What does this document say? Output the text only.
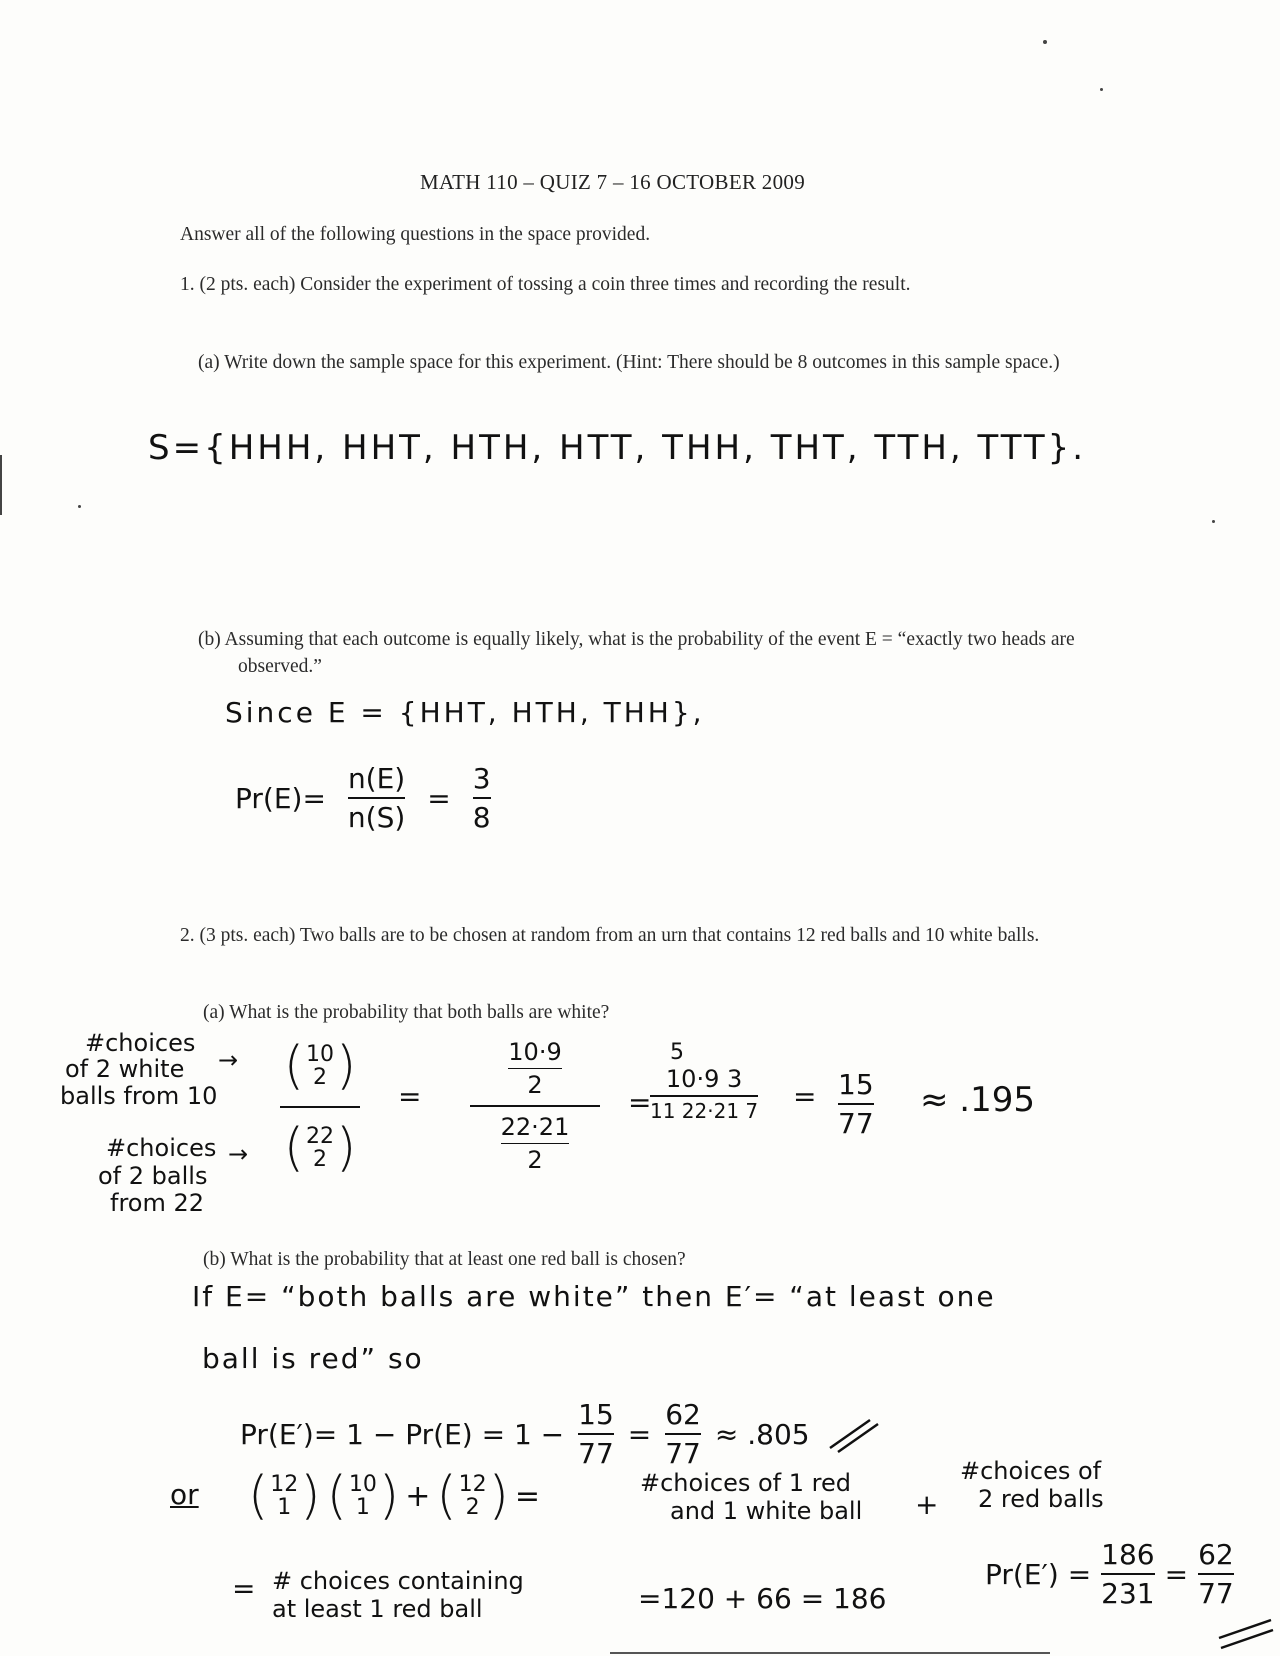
MATH 110 – QUIZ 7 – 16 OCTOBER 2009
Answer all of the following questions in the space provided.
1. (2 pts. each) Consider the experiment of tossing a coin three times and recording the result.
(a) Write down the sample space for this experiment. (Hint: There should be 8 outcomes in this sample space.)
S={HHH, HHT, HTH, HTT, THH, THT, TTH, TTT}.
(b) Assuming that each outcome is equally likely, what is the probability of the event E = “exactly two heads are observed.”
Since E = {HHT, HTH, THH},
$Pr(E)= \frac{n(E)}{n(S)} = \frac{3}{8}$
2. (3 pts. each) Two balls are to be chosen at random from an urn that contains 12 red balls and 10 white balls.
(a) What is the probability that both balls are white?
#choices
of 2 white
balls from 10
#choices
of 2 balls
from 22
→
→ ( 10
2 )
( 22
2 ) = $\frac{\frac{10\cdot 9}{2}}{\frac{22\cdot 21}{2}}$ =
5
$\frac{10\cdot 9 3}{11 22\cdot 21 7} = \frac{15}{77} \approx .195$
(b) What is the probability that at least one red ball is chosen?
If E= “both balls are white” then E′= “at least one
ball is red” so
$Pr(E')= 1 - Pr(E) = 1 - \frac{15}{77} = \frac{62}{77} \approx .805$
or ( 12
1 ) ( 10
1 ) + ( 12
2 ) =	#choices of 1 red
and 1 white ball +
#choices of
2 red balls
= # choices containing
at least 1 red ball	=120 + 66 = 186
$Pr(E') = \frac{186}{231} = \frac{62}{77}$
